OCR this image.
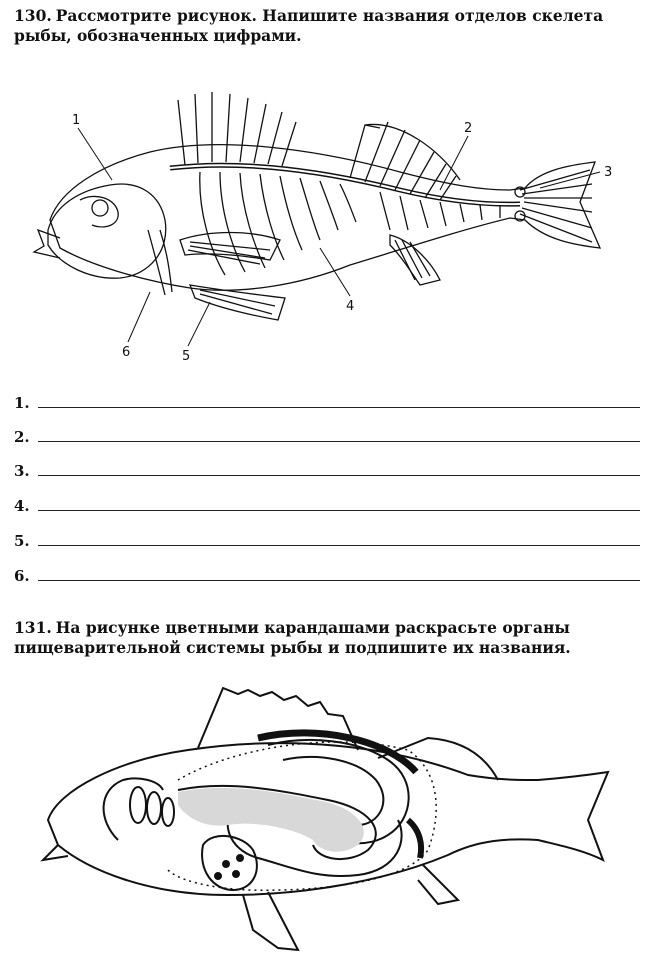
130. Рассмотрите рисунок. Напишите названия отделов скелета рыбы, обозначенных цифрами.
1
2
3
4
5
6
1.
2.
3.
4.
5.
6.
131. На рисунке цветными карандашами раскрасьте органы пищеварительной системы рыбы и подпишите их названия.
